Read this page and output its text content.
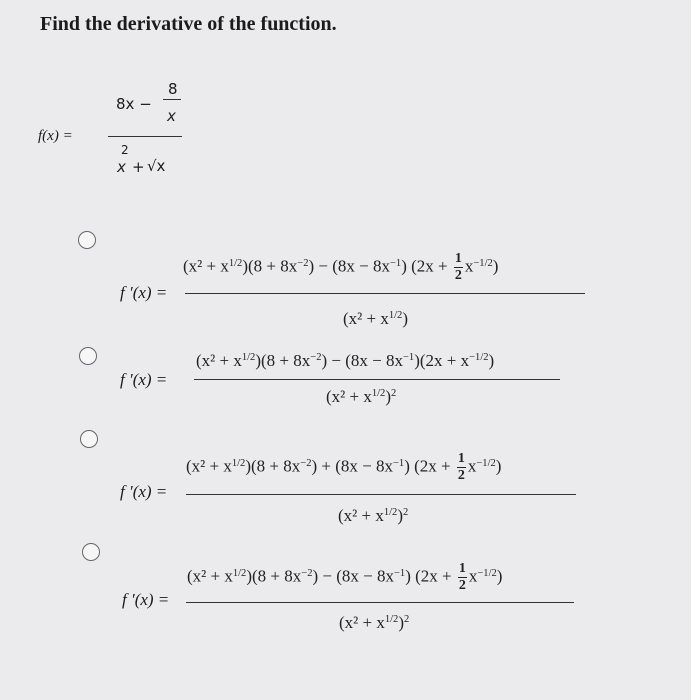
Find the derivative of the function.
f(x) =
8x −
8
x
x
2
+ √x
f ′(x) =
$(x^2 + x^{1/2})(8 + 8x^{-2}) - (8x - 8x^{-1})$ $(2x + \frac{1}{2} x^{-1/2})$
$(x^2 + x^{1/2})$
f ′(x) =
$(x^2 + x^{1/2})(8 + 8x^{-2}) - (8x - 8x^{-1})(2x + x^{-1/2})$
$(x^2 + x^{1/2})^2$
f ′(x) =
$(x^2 + x^{1/2})(8 + 8x^{-2}) + (8x - 8x^{-1})$ $(2x + \frac{1}{2} x^{-1/2})$
$(x^2 + x^{1/2})^2$
f ′(x) =
$(x^2 + x^{1/2})(8 + 8x^{-2}) - (8x - 8x^{-1})$ $(2x + \frac{1}{2} x^{-1/2})$
$(x^2 + x^{1/2})^2$
